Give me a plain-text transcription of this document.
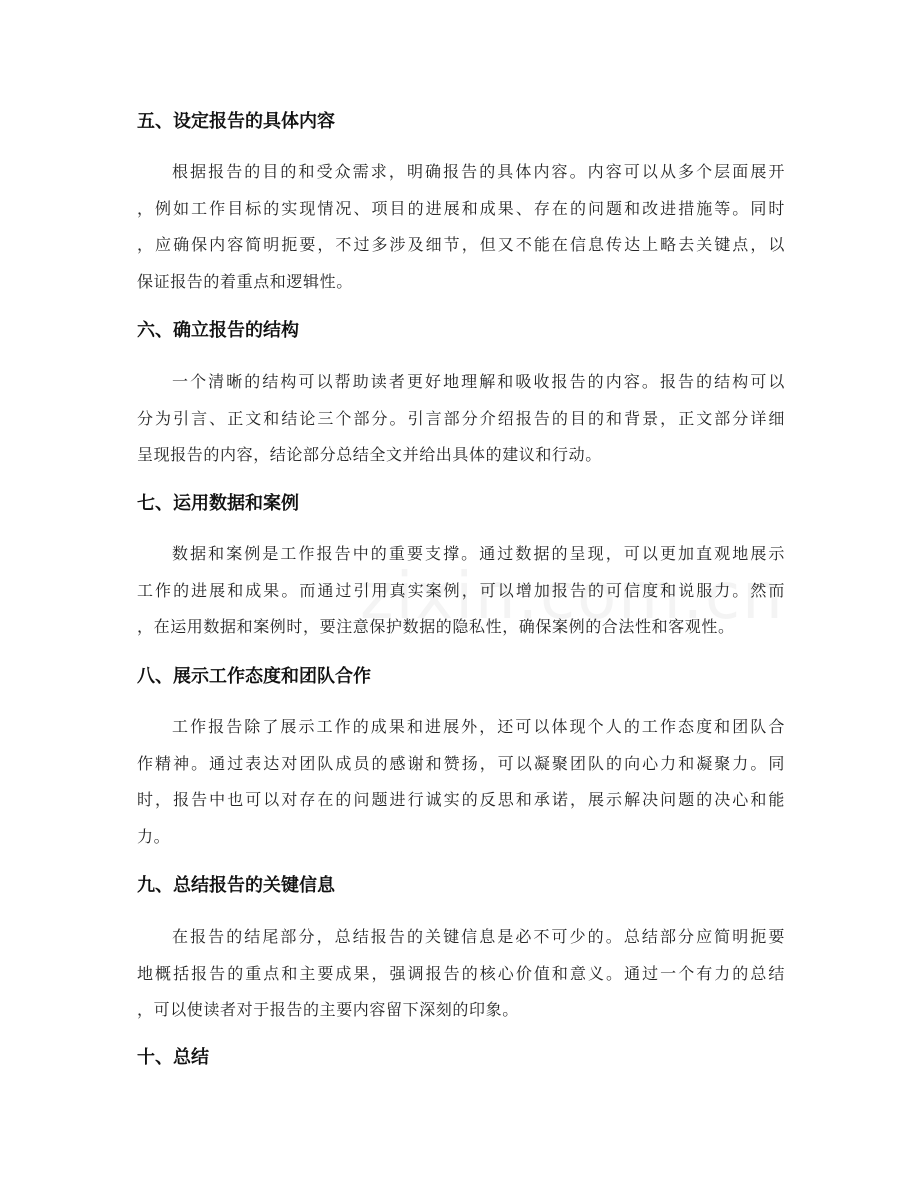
五、设定报告的具体内容
根据报告的目的和受众需求，明确报告的具体内容。内容可以从多个层面展开
，例如工作目标的实现情况、项目的进展和成果、存在的问题和改进措施等。同时
，应确保内容简明扼要，不过多涉及细节，但又不能在信息传达上略去关键点，以
保证报告的着重点和逻辑性。
六、确立报告的结构
一个清晰的结构可以帮助读者更好地理解和吸收报告的内容。报告的结构可以
分为引言、正文和结论三个部分。引言部分介绍报告的目的和背景，正文部分详细
呈现报告的内容，结论部分总结全文并给出具体的建议和行动。
七、运用数据和案例
数据和案例是工作报告中的重要支撑。通过数据的呈现，可以更加直观地展示
工作的进展和成果。而通过引用真实案例，可以增加报告的可信度和说服力。然而
，在运用数据和案例时，要注意保护数据的隐私性，确保案例的合法性和客观性。
八、展示工作态度和团队合作
工作报告除了展示工作的成果和进展外，还可以体现个人的工作态度和团队合
作精神。通过表达对团队成员的感谢和赞扬，可以凝聚团队的向心力和凝聚力。同
时，报告中也可以对存在的问题进行诚实的反思和承诺，展示解决问题的决心和能
力。
九、总结报告的关键信息
在报告的结尾部分，总结报告的关键信息是必不可少的。总结部分应简明扼要
地概括报告的重点和主要成果，强调报告的核心价值和意义。通过一个有力的总结
，可以使读者对于报告的主要内容留下深刻的印象。
十、总结
